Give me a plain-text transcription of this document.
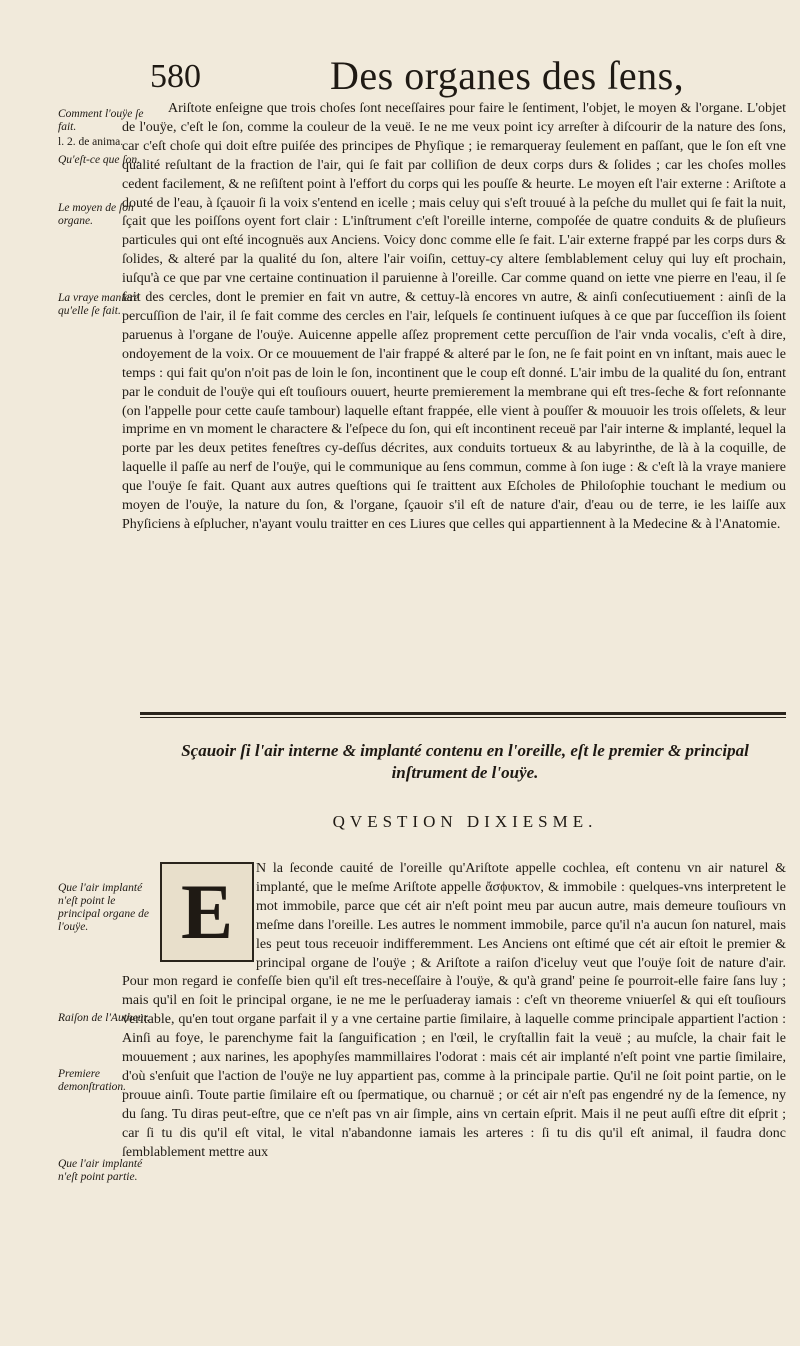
580	Des organes des ſens,
Comment l'ouÿe ſe fait.
l. 2. de anima.
Qu'eſt-ce que ſon.
Le moyen de ſon organe.
La vraye maniere qu'elle ſe fait.

Ariſtote enſeigne que trois choſes ſont neceſſaires pour faire le ſentiment, l'objet, le moyen & l'organe. L'objet de l'ouÿe, c'eſt le ſon, comme la couleur de la veuë. Ie ne me veux point icy arreſter à diſcourir de la nature des ſons, car c'eſt choſe qui doit eſtre puiſée des principes de Phyſique ; ie remarqueray ſeulement en paſſant, que le ſon eſt vne qualité reſultant de la fraction de l'air, qui ſe fait par colliſion de deux corps durs & ſolides ; car les choſes molles cedent facilement, & ne reſiſtent point à l'effort du corps qui les pouſſe & heurte. Le moyen eſt l'air externe : Ariſtote a douté de l'eau, à ſçauoir ſi la voix s'entend en icelle ; mais celuy qui s'eſt trouué à la peſche du mullet qui ſe fait la nuit, ſçait que les poiſſons oyent fort clair : L'inſtrument c'eſt l'oreille interne, compoſée de quatre conduits & de pluſieurs particules qui ont eſté incognuës aux Anciens. Voicy donc comme elle ſe fait. L'air externe frappé par les corps durs & ſolides, & alteré par la qualité du ſon, altere l'air voiſin, cettuy-cy altere ſemblablement celuy qui luy eſt prochain, iuſqu'à ce que par vne certaine continuation il paruienne à l'oreille. Car comme quand on iette vne pierre en l'eau, il ſe fait des cercles, dont le premier en fait vn autre, & cettuy-là encores vn autre, & ainſi conſecutiuement : ainſi de la percuſſion de l'air, il ſe fait comme des cercles en l'air, leſquels ſe continuent iuſques à ce que par ſucceſſion ils ſoient paruenus à l'organe de l'ouÿe. Auicenne appelle aſſez proprement cette percuſſion de l'air vnda vocalis, c'eſt à dire, ondoyement de la voix. Or ce mouuement de l'air frappé & alteré par le ſon, ne ſe fait point en vn inſtant, mais auec le temps : qui fait qu'on n'oit pas de loin le ſon, incontinent que le coup eſt donné. L'air imbu de la qualité du ſon, entrant par le conduit de l'ouÿe qui eſt touſiours ouuert, heurte premierement la membrane qui eſt tres-ſeche & fort reſonnante (on l'appelle pour cette cauſe tambour) laquelle eſtant frappée, elle vient à pouſſer & mouuoir les trois oſſelets, & leur imprime en vn moment le charactere & l'eſpece du ſon, qui eſt incontinent receuë par l'air interne & implanté, lequel la porte par les deux petites feneſtres cy-deſſus décrites, aux conduits tortueux & au labyrinthe, de là à la coquille, de laquelle il paſſe au nerf de l'ouÿe, qui le communique au ſens commun, comme à ſon iuge : & c'eſt là la vraye maniere que l'ouÿe ſe fait. Quant aux autres queſtions qui ſe traittent aux Eſcholes de Philoſophie touchant le medium ou moyen de l'ouÿe, la nature du ſon, & l'organe, ſçauoir s'il eſt de nature d'air, d'eau ou de terre, ie les laiſſe aux Phyſiciens à eſplucher, n'ayant voulu traitter en ces Liures que celles qui appartiennent à la Medecine & à l'Anatomie.

Sçauoir ſi l'air interne & implanté contenu en l'oreille, eſt le premier & principal inſtrument de l'ouÿe.
QVESTION DIXIESME.
Que l'air implanté n'eſt point le principal organe de l'ouÿe.
Raiſon de l'Autheur.
Premiere demonſtration.
Que l'air implanté n'eſt point partie.
E	N la ſeconde cauité de l'oreille qu'Ariſtote appelle cochlea, eſt contenu vn air naturel & implanté, que le meſme Ariſtote appelle ἄσϕυκτον, & immobile : quelques-vns interpretent le mot immobile, parce que cét air n'eſt point meu par aucun autre, mais demeure touſiours vn meſme dans l'oreille. Les autres le nomment immobile, parce qu'il n'a aucun ſon naturel, mais les peut tous receuoir indifferemment. Les Anciens ont eſtimé que cét air eſtoit le premier & principal organe de l'ouÿe ; & Ariſtote a raiſon d'iceluy veut que l'ouÿe ſoit de nature d'air. Pour mon regard ie confeſſe bien qu'il eſt tres-neceſſaire à l'ouÿe, & qu'à grand' peine ſe pourroit-elle faire ſans luy ; mais qu'il en ſoit le principal organe, ie ne me le perſuaderay iamais : c'eſt vn theoreme vniuerſel & qui eſt touſiours veritable, qu'en tout organe parfait il y a vne certaine partie ſimilaire, à laquelle comme principale appartient l'action : Ainſi au foye, le parenchyme fait la ſanguification ; en l'œil, le cryſtallin fait la veuë ; au muſcle, la chair fait le mouuement ; aux narines, les apophyſes mammillaires l'odorat : mais cét air implanté n'eſt point vne partie ſimilaire, d'où s'enſuit que l'action de l'ouÿe ne luy appartient pas, comme à la principale partie. Qu'il ne ſoit point partie, on le prouue ainſi. Toute partie ſimilaire eſt ou ſpermatique, ou charnuë ; or cét air n'eſt pas engendré ny de la ſemence, ny du ſang. Tu diras peut-eſtre, que ce n'eſt pas vn air ſimple, ains vn certain eſprit. Mais il ne peut auſſi eſtre dit eſprit ; car ſi tu dis qu'il eſt vital, le vital n'abandonne iamais les arteres : ſi tu dis qu'il eſt animal, il faudra donc ſemblablement mettre aux
